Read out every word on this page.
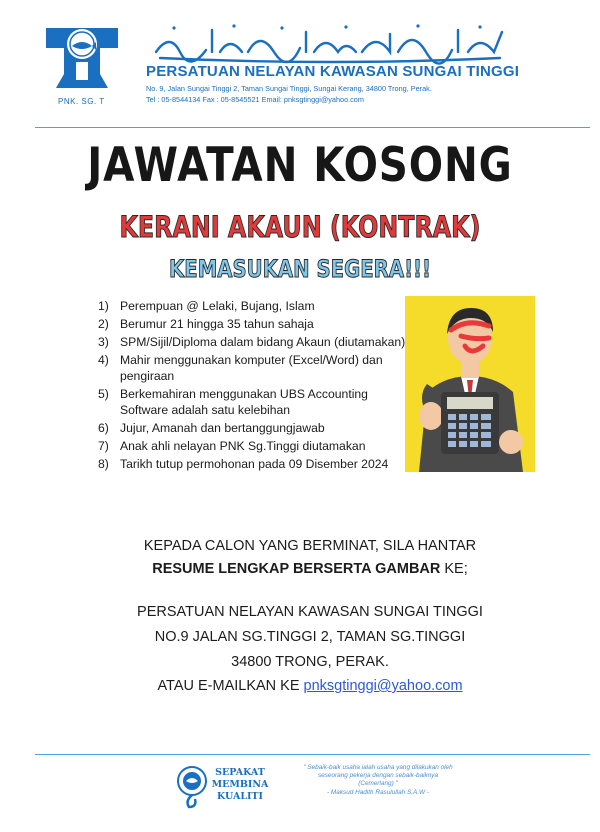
PNK. SG. T
PERSATUAN NELAYAN KAWASAN SUNGAI TINGGI
No. 9, Jalan Sungai Tinggi 2, Taman Sungai Tinggi, Sungai Kerang, 34800 Trong, Perak.
Tel : 05-8544134 Fax : 05-8545521 Email: pnksgtinggi@yahoo.com
JAWATAN KOSONG
KERANI AKAUN (KONTRAK)
KEMASUKAN SEGERA!!!
1) Perempuan @ Lelaki, Bujang, Islam
2) Berumur 21 hingga 35 tahun sahaja
3) SPM/Sijil/Diploma dalam bidang Akaun (diutamakan)
4) Mahir menggunakan komputer (Excel/Word) dan pengiraan
5) Berkemahiran menggunakan UBS Accounting Software adalah satu kelebihan
6) Jujur, Amanah dan bertanggungjawab
7) Anak ahli nelayan PNK Sg.Tinggi diutamakan
8) Tarikh tutup permohonan pada 09 Disember 2024
KEPADA CALON YANG BERMINAT, SILA HANTAR
RESUME LENGKAP BERSERTA GAMBAR KE;
PERSATUAN NELAYAN KAWASAN SUNGAI TINGGI
NO.9 JALAN SG.TINGGI 2, TAMAN SG.TINGGI
34800 TRONG, PERAK.
ATAU E-MAILKAN KE pnksgtinggi@yahoo.com
SEPAKAT
MEMBINA
KUALITI
" Sebaik-baik usaha ialah usaha yang dilakukan oleh
seseorang pekerja dengan sebaik-baiknya
(Cemerlang) "
- Maksud Hadith Rasulullah S.A.W -
